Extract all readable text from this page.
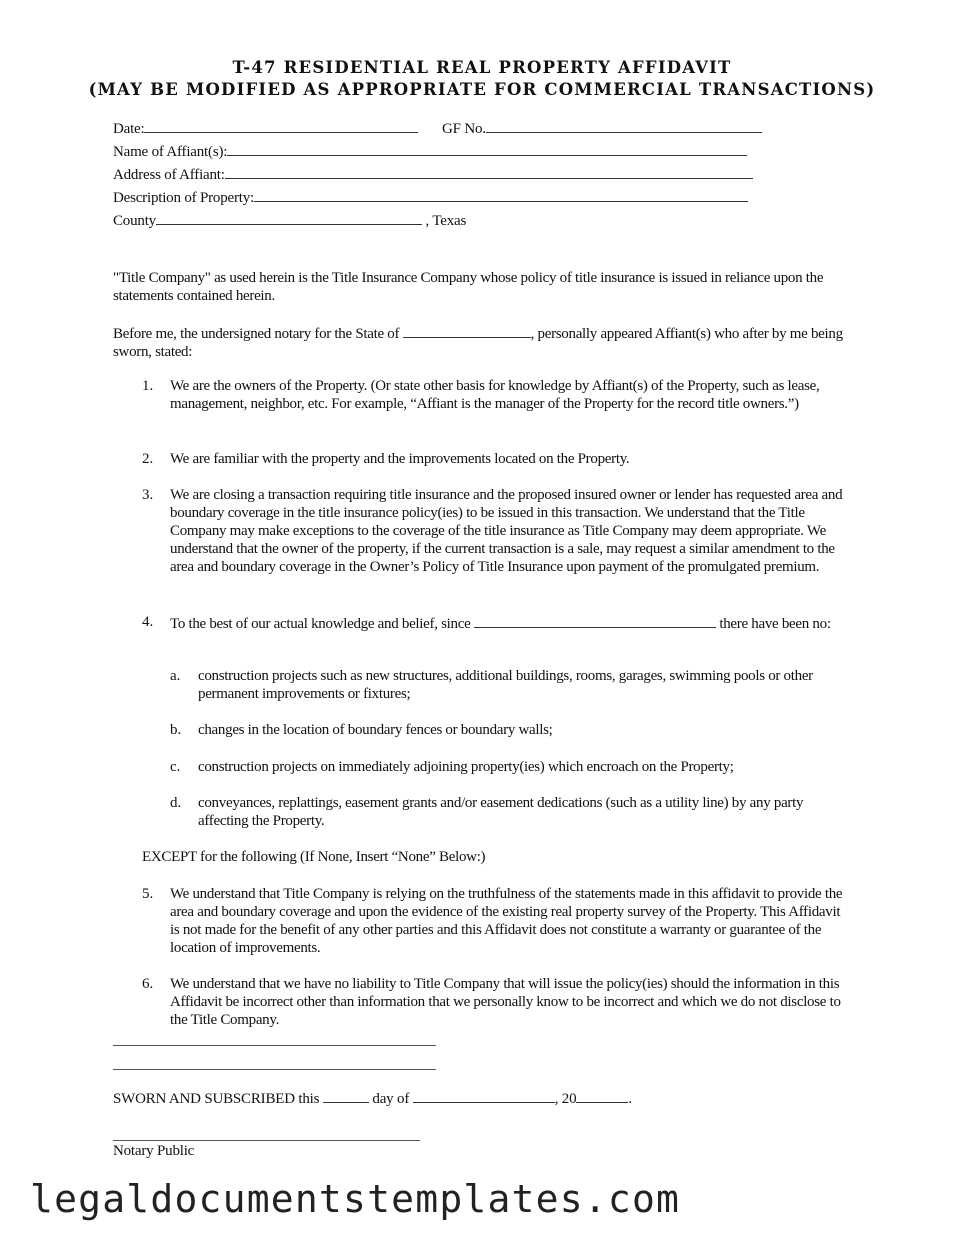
T-47 RESIDENTIAL REAL PROPERTY AFFIDAVIT
(MAY BE MODIFIED AS APPROPRIATE FOR COMMERCIAL TRANSACTIONS)
Date:	GF No.
Name of Affiant(s):
Address of Affiant:
Description of Property:
County	, Texas
"Title Company" as used herein is the Title Insurance Company whose policy of title insurance is issued in reliance upon the statements contained herein.
Before me, the undersigned notary for the State of	, personally appeared Affiant(s) who after by me being sworn, stated:
1. We are the owners of the Property. (Or state other basis for knowledge by Affiant(s) of the Property, such as lease, management, neighbor, etc. For example, “Affiant is the manager of the Property for the record title owners.”)
2. We are familiar with the property and the improvements located on the Property.
3. We are closing a transaction requiring title insurance and the proposed insured owner or lender has requested area and boundary coverage in the title insurance policy(ies) to be issued in this transaction. We understand that the Title Company may make exceptions to the coverage of the title insurance as Title Company may deem appropriate. We understand that the owner of the property, if the current transaction is a sale, may request a similar amendment to the area and boundary coverage in the Owner’s Policy of Title Insurance upon payment of the promulgated premium.
4. To the best of our actual knowledge and belief, since	there have been no:
a. construction projects such as new structures, additional buildings, rooms, garages, swimming pools or other permanent improvements or fixtures;
b. changes in the location of boundary fences or boundary walls;
c. construction projects on immediately adjoining property(ies) which encroach on the Property;
d. conveyances, replattings, easement grants and/or easement dedications (such as a utility line) by any party affecting the Property.
EXCEPT for the following (If None, Insert “None” Below:)
5. We understand that Title Company is relying on the truthfulness of the statements made in this affidavit to provide the area and boundary coverage and upon the evidence of the existing real property survey of the Property. This Affidavit is not made for the benefit of any other parties and this Affidavit does not constitute a warranty or guarantee of the location of improvements.
6. We understand that we have no liability to Title Company that will issue the policy(ies) should the information in this Affidavit be incorrect other than information that we personally know to be incorrect and which we do not disclose to the Title Company.
SWORN AND SUBSCRIBED this	day of	, 20	.
Notary Public
legaldocumentstemplates.com
